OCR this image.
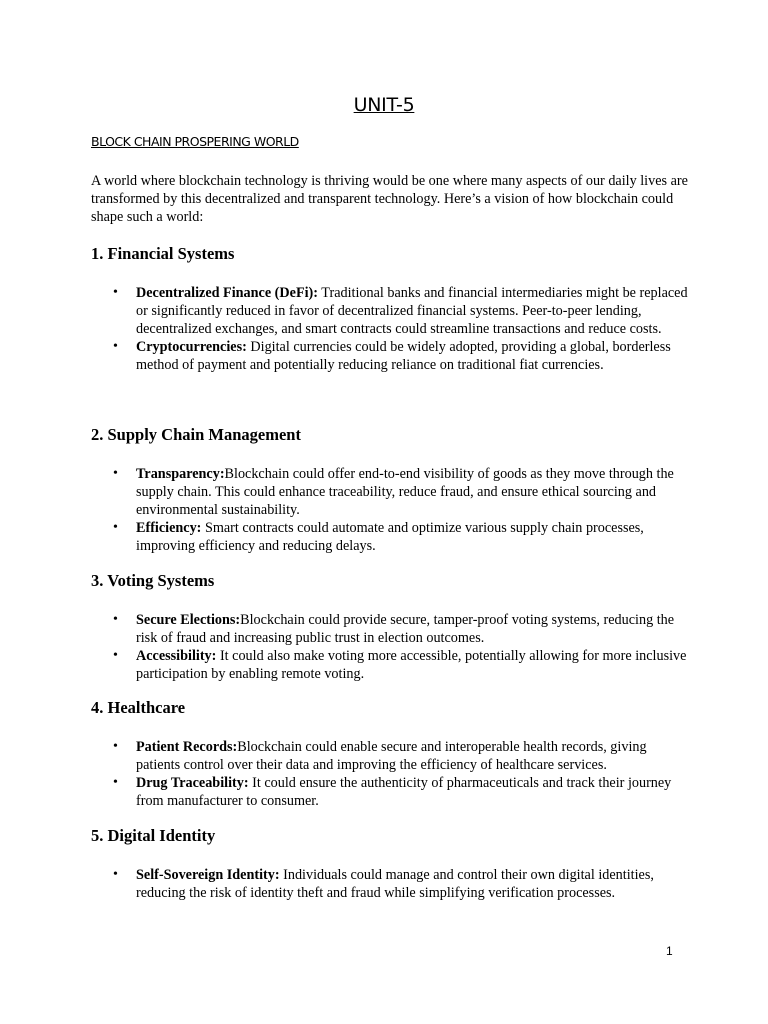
UNIT-5
BLOCK CHAIN PROSPERING WORLD

A world where blockchain technology is thriving would be one where many aspects of our daily lives are transformed by this decentralized and transparent technology. Here’s a vision of how blockchain could shape such a world:

1. Financial Systems
• Decentralized Finance (DeFi): Traditional banks and financial intermediaries might be replaced or significantly reduced in favor of decentralized financial systems. Peer-to-peer lending, decentralized exchanges, and smart contracts could streamline transactions and reduce costs.
• Cryptocurrencies: Digital currencies could be widely adopted, providing a global, borderless method of payment and potentially reducing reliance on traditional fiat currencies.
2. Supply Chain Management
• Transparency:Blockchain could offer end-to-end visibility of goods as they move through the supply chain. This could enhance traceability, reduce fraud, and ensure ethical sourcing and environmental sustainability.
• Efficiency: Smart contracts could automate and optimize various supply chain processes, improving efficiency and reducing delays.
3. Voting Systems
• Secure Elections:Blockchain could provide secure, tamper-proof voting systems, reducing the risk of fraud and increasing public trust in election outcomes.
• Accessibility: It could also make voting more accessible, potentially allowing for more inclusive participation by enabling remote voting.
4. Healthcare
• Patient Records:Blockchain could enable secure and interoperable health records, giving patients control over their data and improving the efficiency of healthcare services.
• Drug Traceability: It could ensure the authenticity of pharmaceuticals and track their journey from manufacturer to consumer.
5. Digital Identity
• Self-Sovereign Identity: Individuals could manage and control their own digital identities, reducing the risk of identity theft and fraud while simplifying verification processes.
1
